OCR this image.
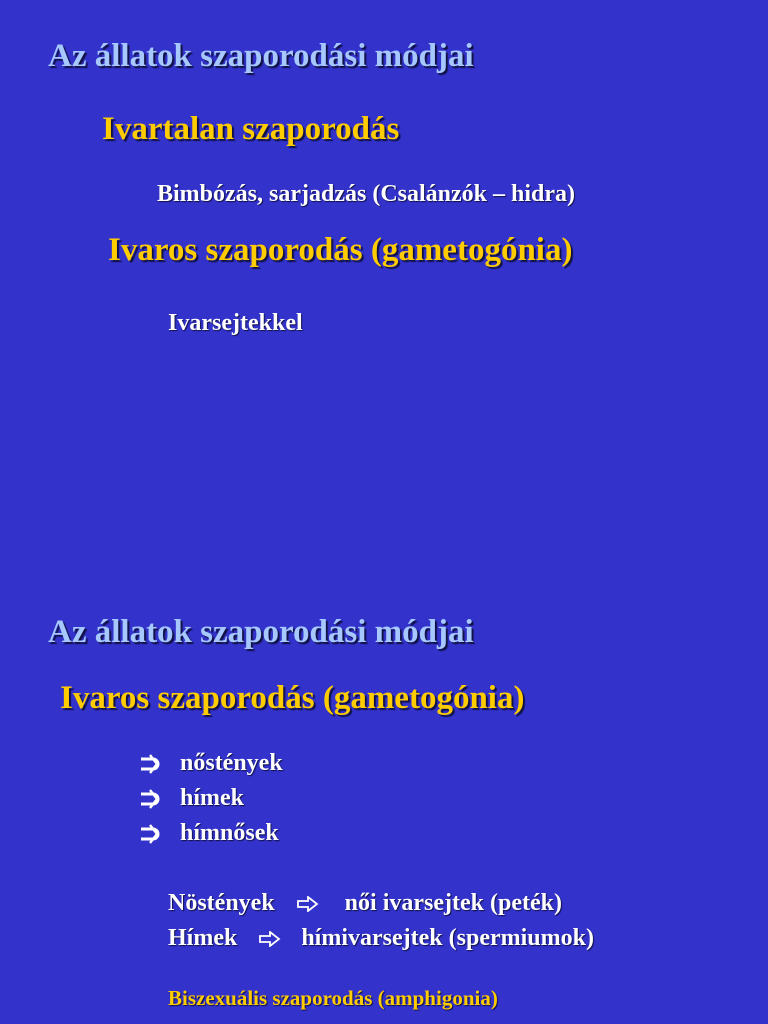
Az állatok szaporodási módjai
Ivartalan szaporodás

Bimbózás, sarjadzás (Csalánzók – hidra)

Ivaros szaporodás (gametogónia)

Ivarsejtekkel

Az állatok szaporodási módjai
Ivaros szaporodás (gametogónia)
nőstények
hímek
hímnősek
Nöstények	női ivarsejtek (peték)
Hímek	hímivarsejtek (spermiumok)

Biszexuális szaporodás (amphigonia)
